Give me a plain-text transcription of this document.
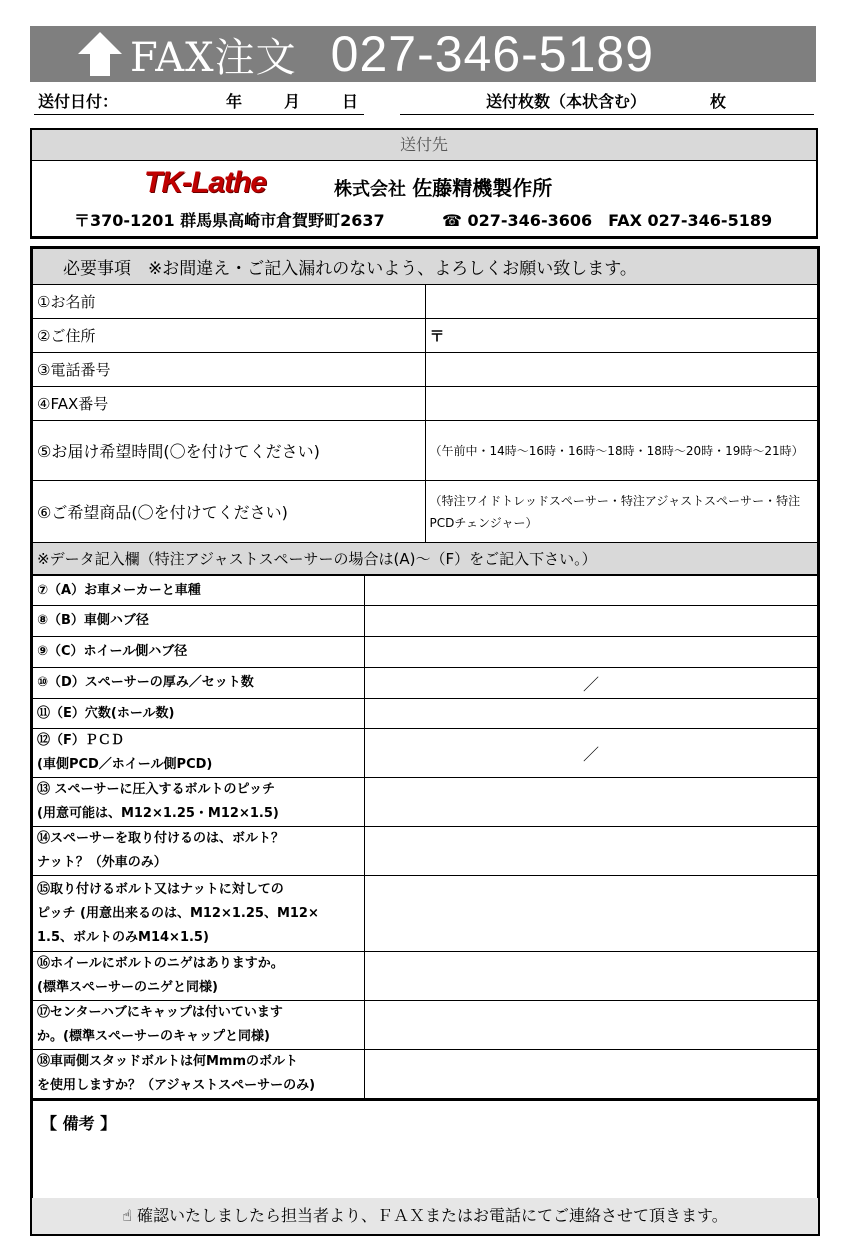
FAX注文 027-346-5189
送付日付：	年	月	日	送付枚数（本状含む）	枚
送付先
TK-Lathe	株式会社 佐藤精機製作所
〒370-1201 群馬県高崎市倉賀野町2637	☎ 027-346-3606　FAX 027-346-5189
必要事項　※お間違え・ご記入漏れのないよう、よろしくお願い致します。	
①お名前	
②ご住所	〒
③電話番号	
④FAX番号	
⑤お届け希望時間(〇を付けてください)	（午前中・14時〜16時・16時〜18時・18時〜20時・19時〜21時）
⑥ご希望商品(〇を付けてください)	（特注ワイドトレッドスペーサー・特注アジャストスペーサー・特注PCDチェンジャー）
※データ記入欄（特注アジャストスペーサーの場合は(A)〜（F）をご記入下さい。）	
⑦（A）お車メーカーと車種	
⑧（B）車側ハブ径	
⑨（C）ホイール側ハブ径	
⑩（D）スペーサーの厚み／セット数	／
⑪（E）穴数(ホール数)	
⑫（F）ＰＣＤ
(車側PCD／ホイール側PCD)	／
⑬ スペーサーに圧入するボルトのピッチ
(用意可能は、M12×1.25・M12×1.5)	
⑭スペーサーを取り付けるのは、ボルト？
ナット？（外車のみ）	
⑮取り付けるボルト又はナットに対しての
ピッチ (用意出来るのは、M12×1.25、M12×
1.5、ボルトのみM14×1.5)	
⑯ホイールにボルトのニゲはありますか。
(標準スペーサーのニゲと同様)	
⑰センターハブにキャップは付いています
か。(標準スペーサーのキャップと同様)	
⑱車両側スタッドボルトは何Mmmのボルト
を使用しますか？（アジャストスペーサーのみ)	
【 備考 】
☝ 確認いたしましたら担当者より、ＦＡＸまたはお電話にてご連絡させて頂きます。
